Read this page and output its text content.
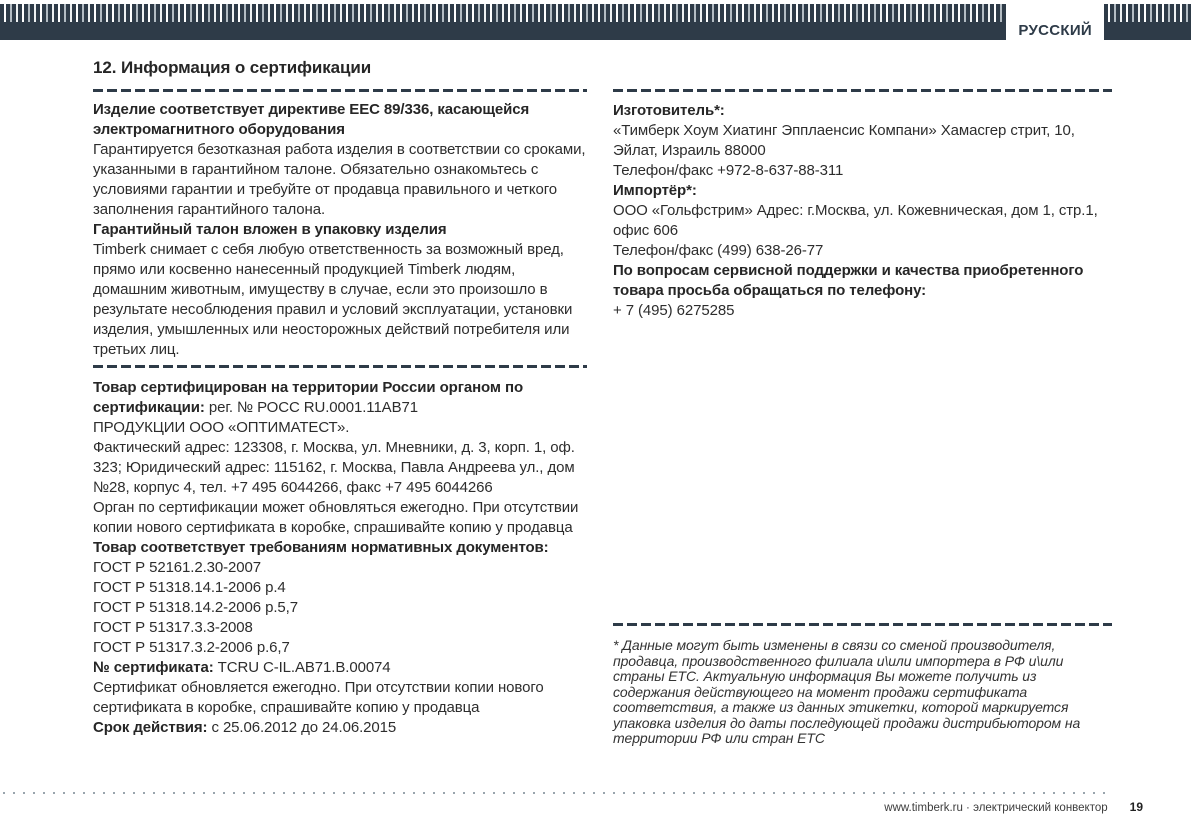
РУССКИЙ
12. Информация о сертификации

Изделие соответствует директиве ЕЕС 89/336, касающейся электромагнитного оборудования

Гарантируется безотказная работа изделия в соответствии со сроками, указанными в гарантийном талоне. Обязательно ознакомьтесь с условиями гарантии и требуйте от продавца правильного и четкого заполнения гарантийного талона.

Гарантийный талон вложен в упаковку изделия

Timberk снимает с себя любую ответственность за возможный вред, прямо или косвенно нанесенный продукцией Timberk людям, домашним животным, имуществу в случае, если это произошло в результате несоблюдения правил и условий эксплуатации, установки изделия, умышленных или неосторожных действий потребителя или третьих лиц.

Товар сертифицирован на территории России органом по сертификации: рег. № РОСС RU.0001.11АВ71

ПРОДУКЦИИ ООО «ОПТИМАТЕСТ».

Фактический адрес: 123308, г. Москва, ул. Мневники, д. 3, корп. 1, оф. 323; Юридический адрес: 115162, г. Москва, Павла Андреева ул., дом №28, корпус 4, тел. +7 495 6044266, факс +7 495 6044266

Орган по сертификации может обновляться ежегодно. При отсутствии копии нового сертификата в коробке, спрашивайте копию у продавца

Товар соответствует требованиям нормативных документов:

ГОСТ Р 52161.2.30-2007

ГОСТ Р 51318.14.1-2006 р.4

ГОСТ Р 51318.14.2-2006 р.5,7

ГОСТ Р 51317.3.3-2008

ГОСТ Р 51317.3.2-2006 р.6,7

№ сертификата: TCRU C-IL.AB71.B.00074

Сертификат обновляется ежегодно. При отсутствии копии нового сертификата в коробке, спрашивайте копию у продавца

Срок действия: с 25.06.2012 до 24.06.2015

Изготовитель*:

«Тимберк Хоум Хиатинг Эпплаенсис Компани» Хамасгер стрит, 10, Эйлат, Израиль 88000

Телефон/факс +972-8-637-88-311

Импортёр*:

ООО «Гольфстрим» Адрес: г.Москва, ул. Кожевническая, дом 1, стр.1, офис 606

Телефон/факс (499) 638-26-77

По вопросам сервисной поддержки и качества приобретенного товара просьба обращаться по телефону:

+ 7 (495) 6275285

* Данные могут быть изменены в связи со сменой производителя, продавца, производственного филиала и\или импортера в РФ и\или страны ЕТС. Актуальную информация Вы можете получить из содержания действующего на момент продажи сертификата соответствия, а также из данных этикетки, которой маркируется упаковка изделия до даты последующей продажи дистрибьютором на территории РФ или стран ЕТС

www.timberk.ru · электрический конвектор 19
